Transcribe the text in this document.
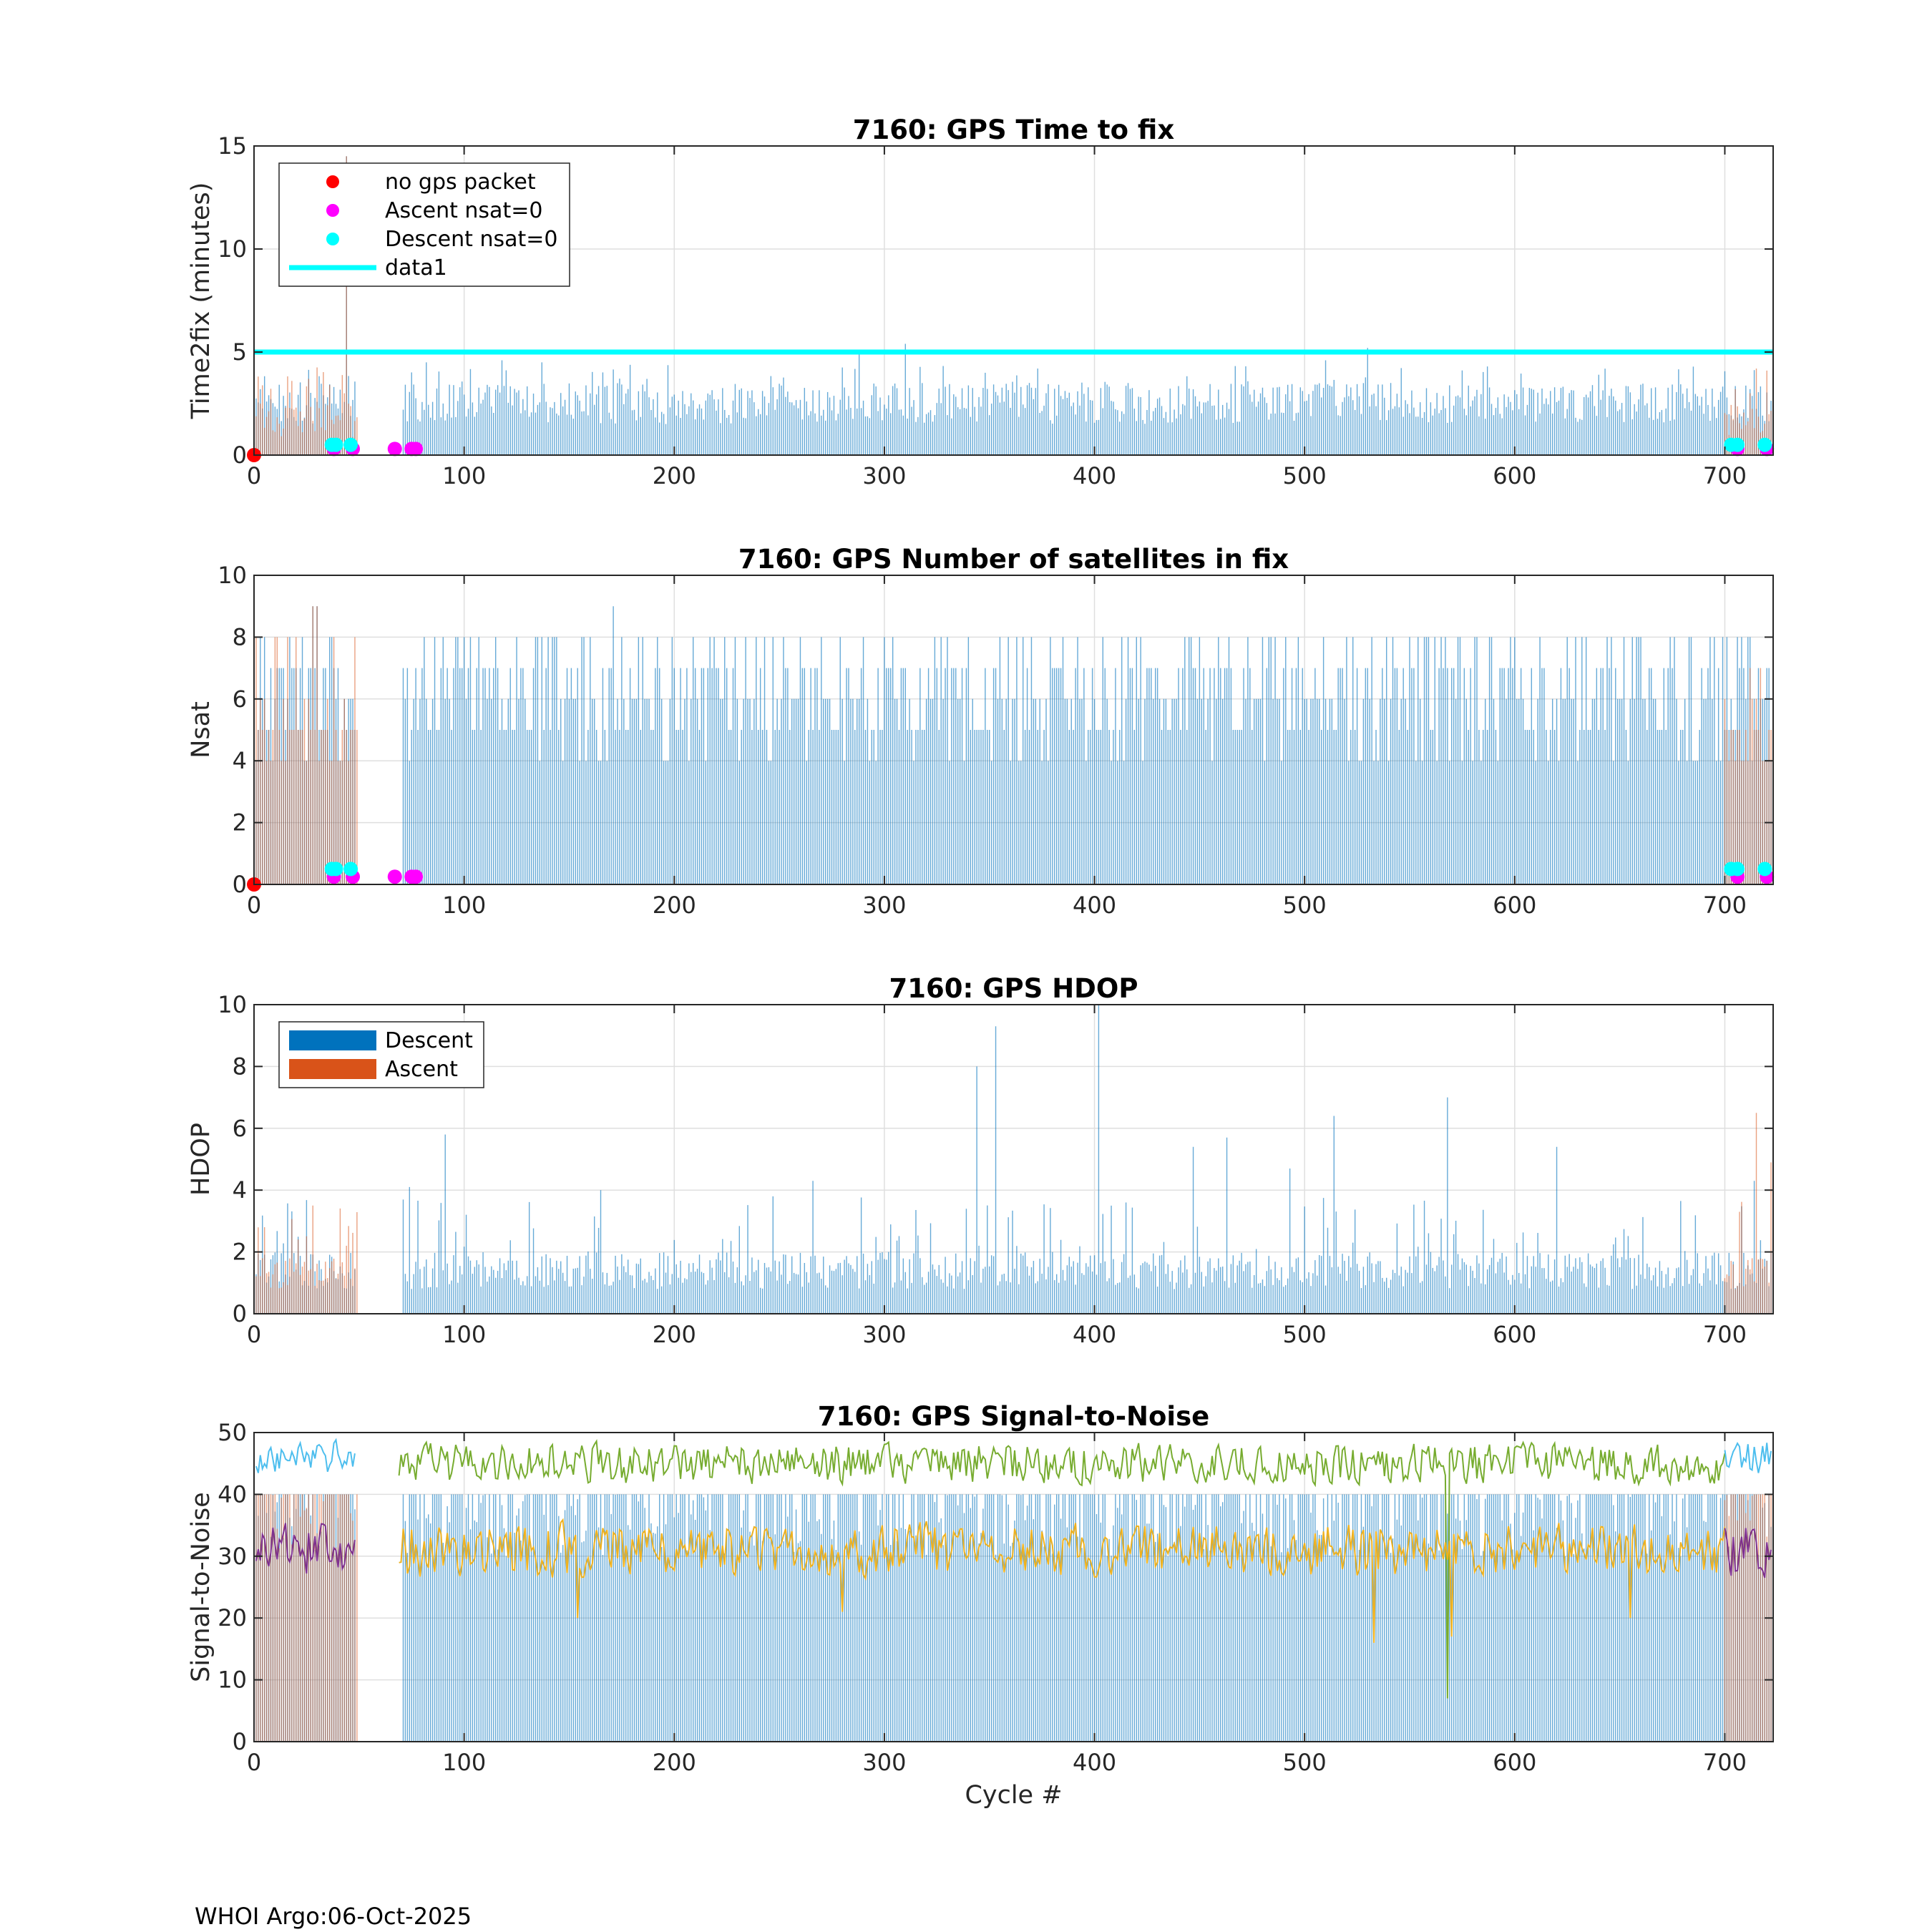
0	100	200	300	400	500	600	700
0
5
10
15
7160: GPS Time to fix
Time2fix (minutes)
no gps packet
Ascent nsat=0
Descent nsat=0
data1
0	100	200	300	400	500	600	700
0
2
4
6
8
10
7160: GPS Number of satellites in fix
Nsat
0	100	200	300	400	500	600	700
0
2
4
6
8
10
7160: GPS HDOP
HDOP
Descent
Ascent
0	100	200	300	400	500	600	700
0
10
20
30
40
50
7160: GPS Signal-to-Noise
Signal-to-Noise
Cycle #
WHOI Argo:06-Oct-2025
